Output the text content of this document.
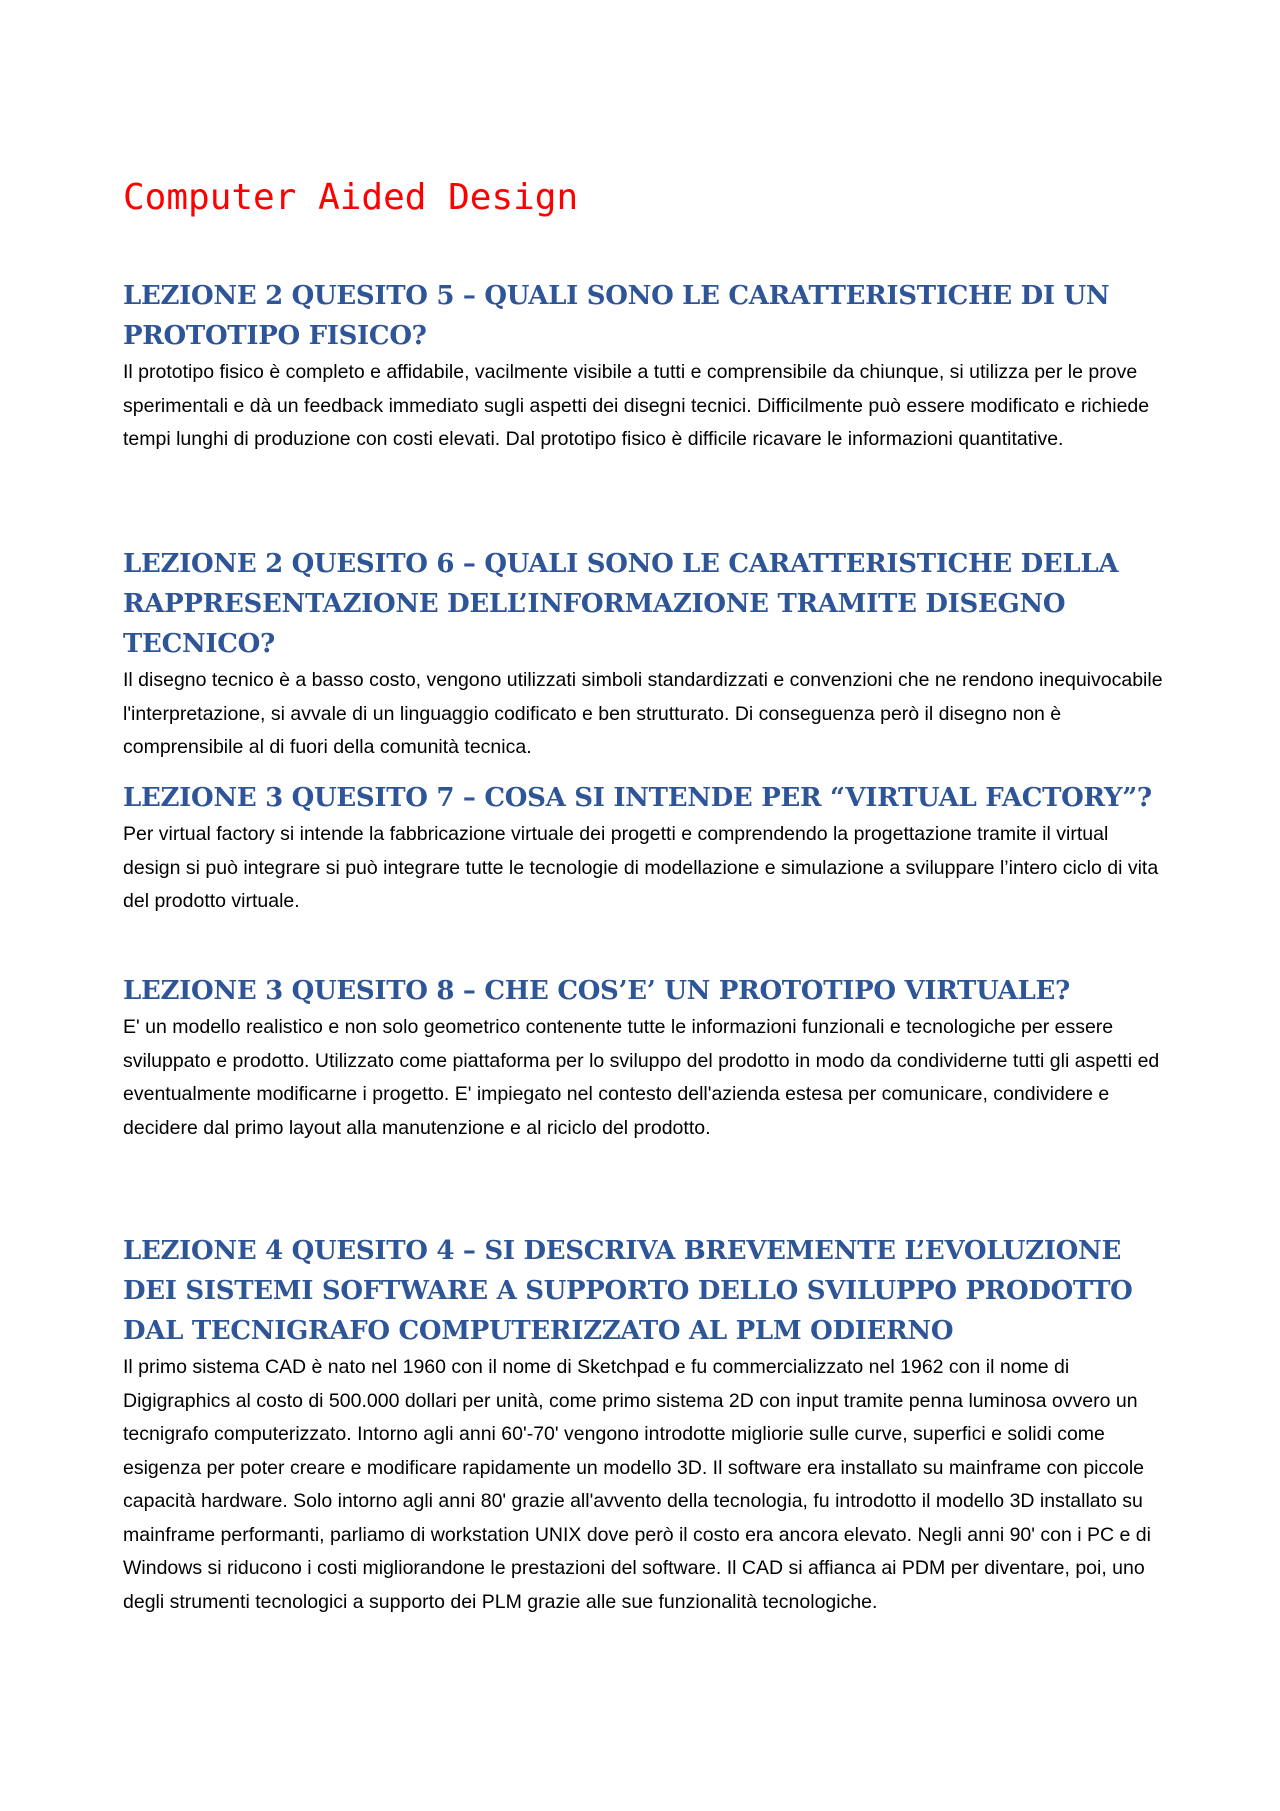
Computer Aided Design
LEZIONE 2 QUESITO 5 – QUALI SONO LE CARATTERISTICHE DI UN PROTOTIPO FISICO?

Il prototipo fisico è completo e affidabile, vacilmente visibile a tutti e comprensibile da chiunque, si utilizza per le prove sperimentali e dà un feedback immediato sugli aspetti dei disegni tecnici. Difficilmente può essere modificato e richiede tempi lunghi di produzione con costi elevati. Dal prototipo fisico è difficile ricavare le informazioni quantitative.

LEZIONE 2 QUESITO 6 – QUALI SONO LE CARATTERISTICHE DELLA RAPPRESENTAZIONE DELL’INFORMAZIONE TRAMITE DISEGNO TECNICO?

Il disegno tecnico è a basso costo, vengono utilizzati simboli standardizzati e convenzioni che ne rendono inequivocabile l'interpretazione, si avvale di un linguaggio codificato e ben strutturato. Di conseguenza però il disegno non è comprensibile al di fuori della comunità tecnica.

LEZIONE 3 QUESITO 7 – COSA SI INTENDE PER “VIRTUAL FACTORY”?

Per virtual factory si intende la fabbricazione virtuale dei progetti e comprendendo la progettazione tramite il virtual design si può integrare si può integrare tutte le tecnologie di modellazione e simulazione a sviluppare l’intero ciclo di vita del prodotto virtuale.

LEZIONE 3 QUESITO 8 – CHE COS’E’ UN PROTOTIPO VIRTUALE?

E' un modello realistico e non solo geometrico contenente tutte le informazioni funzionali e tecnologiche per essere sviluppato e prodotto. Utilizzato come piattaforma per lo sviluppo del prodotto in modo da condividerne tutti gli aspetti ed eventualmente modificarne i progetto. E' impiegato nel contesto dell'azienda estesa per comunicare, condividere e decidere dal primo layout alla manutenzione e al riciclo del prodotto.

LEZIONE 4 QUESITO 4 – SI DESCRIVA BREVEMENTE L’EVOLUZIONE DEI SISTEMI SOFTWARE A SUPPORTO DELLO SVILUPPO PRODOTTO DAL TECNIGRAFO COMPUTERIZZATO AL PLM ODIERNO

Il primo sistema CAD è nato nel 1960 con il nome di Sketchpad e fu commercializzato nel 1962 con il nome di Digigraphics al costo di 500.000 dollari per unità, come primo sistema 2D con input tramite penna luminosa ovvero un tecnigrafo computerizzato. Intorno agli anni 60'-70' vengono introdotte migliorie sulle curve, superfici e solidi come esigenza per poter creare e modificare rapidamente un modello 3D. Il software era installato su mainframe con piccole capacità hardware. Solo intorno agli anni 80' grazie all'avvento della tecnologia, fu introdotto il modello 3D installato su mainframe performanti, parliamo di workstation UNIX dove però il costo era ancora elevato. Negli anni 90' con i PC e di Windows si riducono i costi migliorandone le prestazioni del software. Il CAD si affianca ai PDM per diventare, poi, uno degli strumenti tecnologici a supporto dei PLM grazie alle sue funzionalità tecnologiche.
